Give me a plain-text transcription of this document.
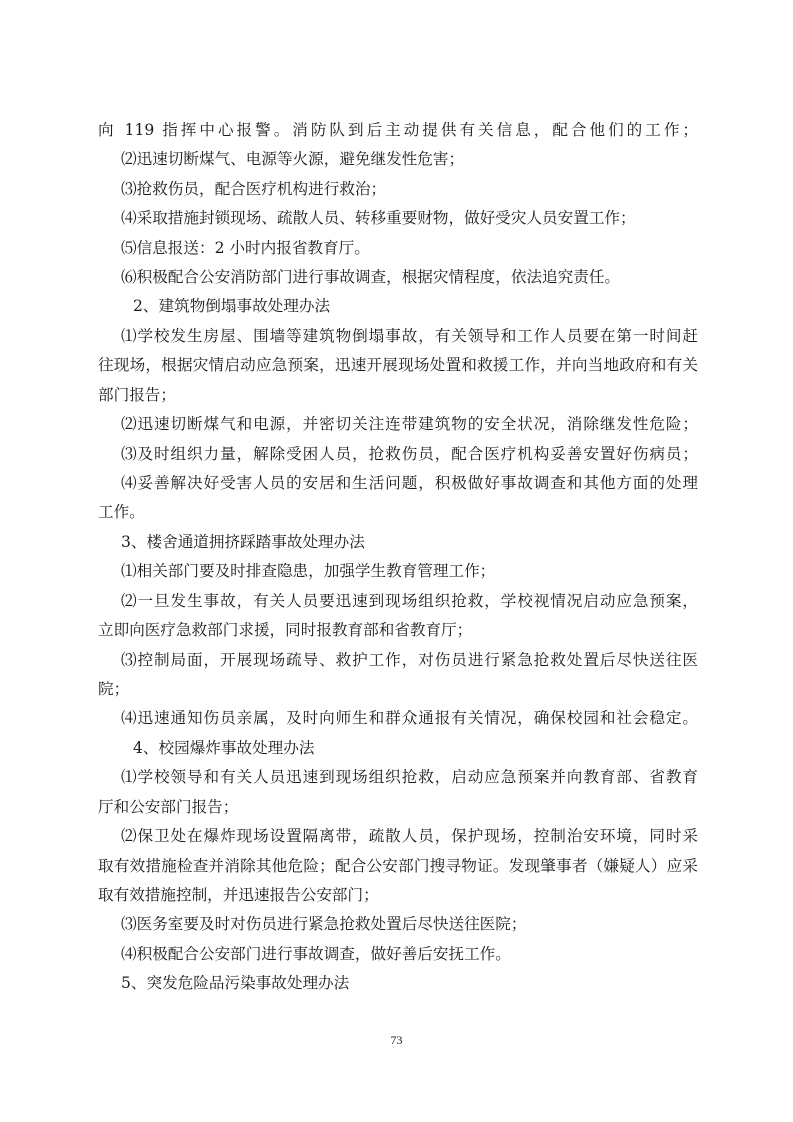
向 119 指挥中心报警。消防队到后主动提供有关信息，配合他们的工作；
⑵迅速切断煤气、电源等火源，避免继发性危害；
⑶抢救伤员，配合医疗机构进行救治；
⑷采取措施封锁现场、疏散人员、转移重要财物，做好受灾人员安置工作；
⑸信息报送：2 小时内报省教育厅。
⑹积极配合公安消防部门进行事故调查，根据灾情程度，依法追究责任。
2、建筑物倒塌事故处理办法
⑴学校发生房屋、围墙等建筑物倒塌事故，有关领导和工作人员要在第一时间赶
往现场，根据灾情启动应急预案，迅速开展现场处置和救援工作，并向当地政府和有关
部门报告；
⑵迅速切断煤气和电源，并密切关注连带建筑物的安全状况，消除继发性危险；
⑶及时组织力量，解除受困人员，抢救伤员，配合医疗机构妥善安置好伤病员；
⑷妥善解决好受害人员的安居和生活问题，积极做好事故调查和其他方面的处理
工作。
3、楼舍通道拥挤踩踏事故处理办法
⑴相关部门要及时排查隐患，加强学生教育管理工作；
⑵一旦发生事故，有关人员要迅速到现场组织抢救，学校视情况启动应急预案，
立即向医疗急救部门求援，同时报教育部和省教育厅；
⑶控制局面，开展现场疏导、救护工作，对伤员进行紧急抢救处置后尽快送往医
院；
⑷迅速通知伤员亲属，及时向师生和群众通报有关情况，确保校园和社会稳定。
4、校园爆炸事故处理办法
⑴学校领导和有关人员迅速到现场组织抢救，启动应急预案并向教育部、省教育
厅和公安部门报告；
⑵保卫处在爆炸现场设置隔离带，疏散人员，保护现场，控制治安环境，同时采
取有效措施检查并消除其他危险；配合公安部门搜寻物证。发现肇事者（嫌疑人）应采
取有效措施控制，并迅速报告公安部门；
⑶医务室要及时对伤员进行紧急抢救处置后尽快送往医院；
⑷积极配合公安部门进行事故调查，做好善后安抚工作。
5、突发危险品污染事故处理办法
73
